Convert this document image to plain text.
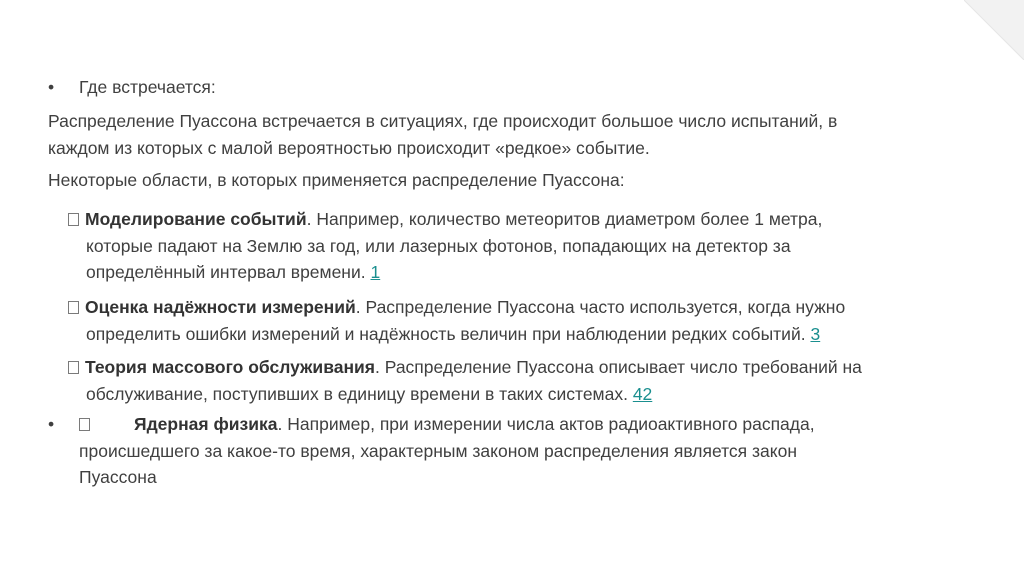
• Где встречается:
Распределение Пуассона встречается в ситуациях, где происходит большое число испытаний, в
каждом из которых с малой вероятностью происходит «редкое» событие.
Некоторые области, в которых применяется распределение Пуассона:
Моделирование событий. Например, количество метеоритов диаметром более 1 метра,
которые падают на Землю за год, или лазерных фотонов, попадающих на детектор за
определённый интервал времени. 1
Оценка надёжности измерений. Распределение Пуассона часто используется, когда нужно
определить ошибки измерений и надёжность величин при наблюдении редких событий. 3
Теория массового обслуживания. Распределение Пуассона описывает число требований на
обслуживание, поступивших в единицу времени в таких системах. 42
•	Ядерная физика. Например, при измерении числа актов радиоактивного распада,
происшедшего за какое-то время, характерным законом распределения является закон
Пуассона
